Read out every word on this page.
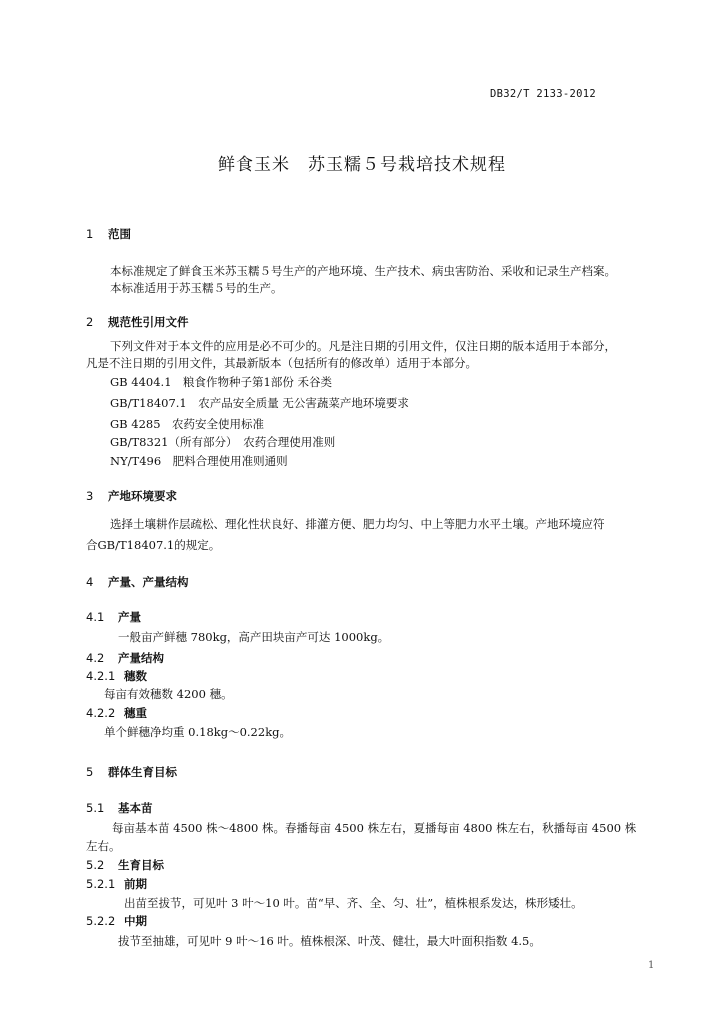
DB32/T 2133-2012
鲜食玉米　苏玉糯５号栽培技术规程
1 范围
本标准规定了鲜食玉米苏玉糯５号生产的产地环境、生产技术、病虫害防治、采收和记录生产档案。
本标准适用于苏玉糯５号的生产。
2 规范性引用文件
下列文件对于本文件的应用是必不可少的。凡是注日期的引用文件，仅注日期的版本适用于本部分，
凡是不注日期的引用文件，其最新版本（包括所有的修改单）适用于本部分。
GB 4404.1　粮食作物种子第1部份 禾谷类
GB/T18407.1　农产品安全质量 无公害蔬菜产地环境要求
GB 4285　农药安全使用标准
GB/T8321（所有部分）　农药合理使用准则
NY/T496　肥料合理使用准则通则
3 产地环境要求
选择土壤耕作层疏松、理化性状良好、排灌方便、肥力均匀、中上等肥力水平土壤。产地环境应符
合GB/T18407.1的规定。
4 产量、产量结构
4.1 产量
一般亩产鲜穗 780kg，高产田块亩产可达 1000kg。
4.2 产量结构
4.2.1 穗数
每亩有效穗数 4200 穗。
4.2.2 穗重
单个鲜穗净均重 0.18kg～0.22kg。
5 群体生育目标
5.1 基本苗
每亩基本苗 4500 株～4800 株。春播每亩 4500 株左右，夏播每亩 4800 株左右，秋播每亩 4500 株
左右。
5.2 生育目标
5.2.1 前期
出苗至拔节，可见叶 3 叶～10 叶。苗“早、齐、全、匀、壮”，植株根系发达，株形矮壮。
5.2.2 中期
拔节至抽雄，可见叶 9 叶～16 叶。植株根深、叶茂、健壮，最大叶面积指数 4.5。
1
